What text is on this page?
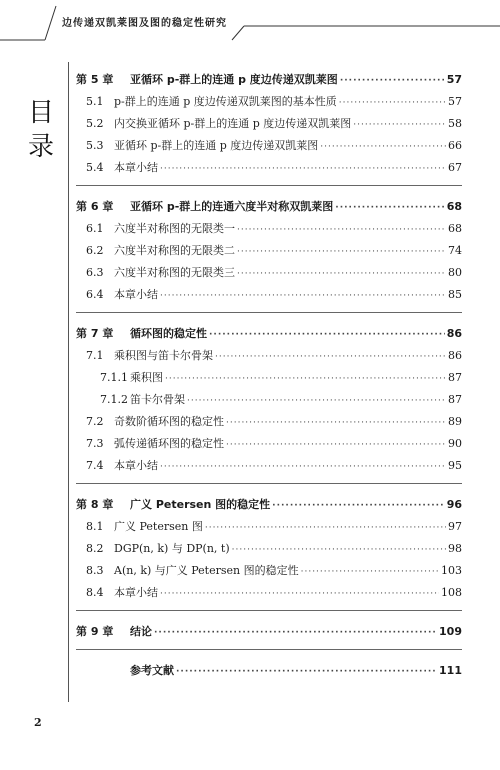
边传递双凯莱图及图的稳定性研究
目
录
第 5 章	亚循环 p-群上的连通 p 度边传递双凯莱图 ·····	57
5.1 p-群上的连通 p 度边传递双凯莱图的基本性质 ·····	57
5.2 内交换亚循环 p-群上的连通 p 度边传递双凯莱图 ·····	58
5.3 亚循环 p-群上的连通 p 度边传递双凯莱图 ·····	66
5.4 本章小结 ·····	67
第 6 章	亚循环 p-群上的连通六度半对称双凯莱图 ·····	68
6.1 六度半对称图的无限类一 ·····	68
6.2 六度半对称图的无限类二 ·····	74
6.3 六度半对称图的无限类三 ·····	80
6.4 本章小结 ·····	85
第 7 章	循环图的稳定性 ·····	86
7.1 乘积图与笛卡尔骨架 ·····	86
7.1.1 乘积图 ·····	87
7.1.2 笛卡尔骨架 ·····	87
7.2 奇数阶循环图的稳定性 ·····	89
7.3 弧传递循环图的稳定性 ·····	90
7.4 本章小结 ·····	95
第 8 章	广义 Petersen 图的稳定性 ·····	96
8.1 广义 Petersen 图 ·····	97
8.2 DGP(n, k) 与 DP(n, t) ·····	98
8.3 A(n, k) 与广义 Petersen 图的稳定性 ·····	103
8.4 本章小结 ·····	108
第 9 章	结论 ·····	109
参考文献 ·····	111
2
